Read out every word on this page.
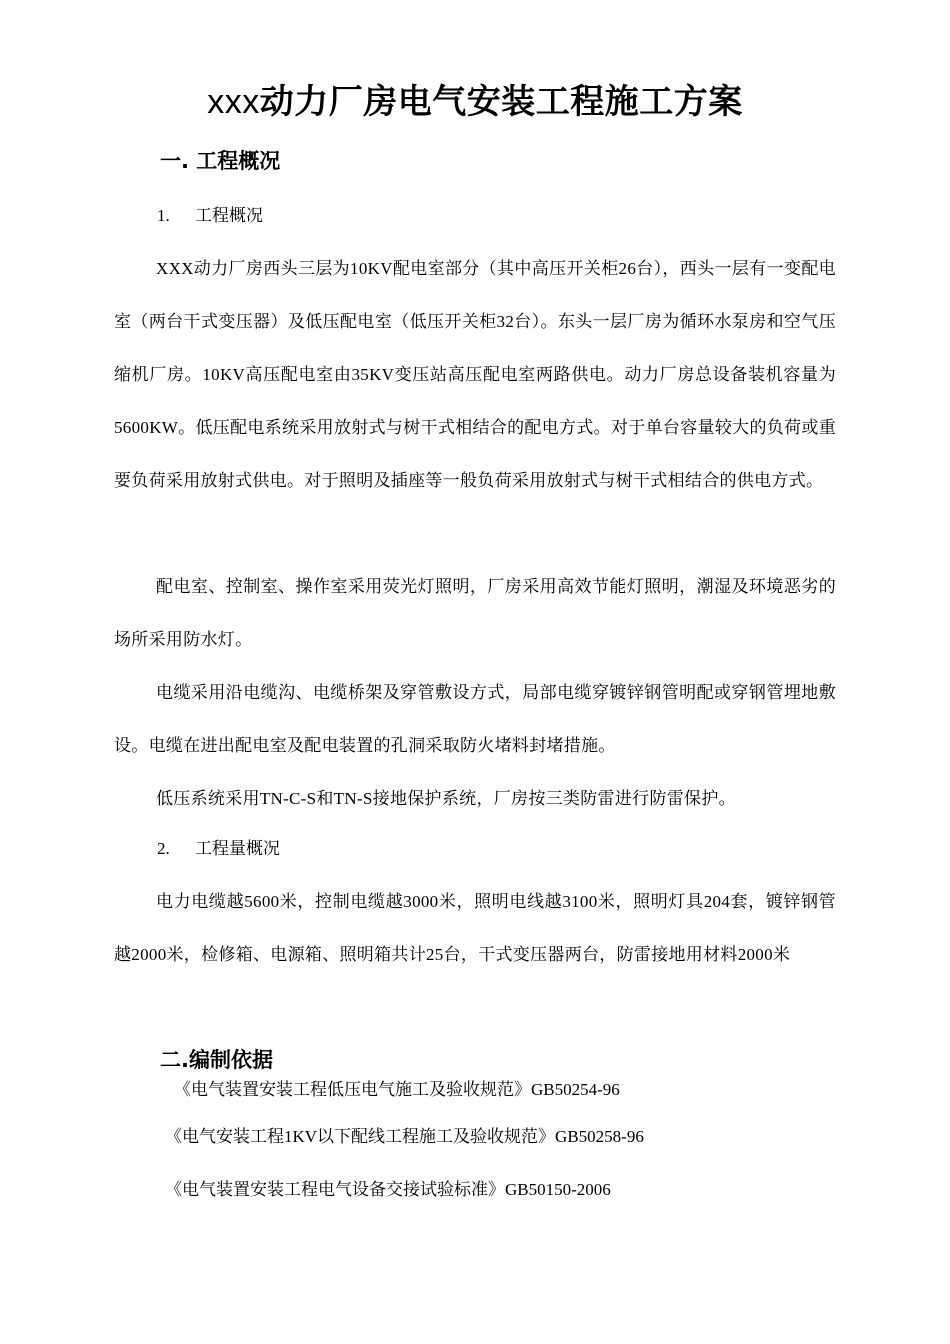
xxx动力厂房电气安装工程施工方案
一. 工程概况
1. 工程概况

XXX动力厂房西头三层为10KV配电室部分（其中高压开关柜26台），西头一层有一变配电室（两台干式变压器）及低压配电室（低压开关柜32台）。东头一层厂房为循环水泵房和空气压缩机厂房。10KV高压配电室由35KV变压站高压配电室两路供电。动力厂房总设备装机容量为5600KW。低压配电系统采用放射式与树干式相结合的配电方式。对于单台容量较大的负荷或重要负荷采用放射式供电。对于照明及插座等一般负荷采用放射式与树干式相结合的供电方式。

配电室、控制室、操作室采用荧光灯照明，厂房采用高效节能灯照明，潮湿及环境恶劣的场所采用防水灯。

电缆采用沿电缆沟、电缆桥架及穿管敷设方式，局部电缆穿镀锌钢管明配或穿钢管埋地敷设。电缆在进出配电室及配电装置的孔洞采取防火堵料封堵措施。

低压系统采用TN-C-S和TN-S接地保护系统，厂房按三类防雷进行防雷保护。

2. 工程量概况

电力电缆越5600米，控制电缆越3000米，照明电线越3100米，照明灯具204套，镀锌钢管越2000米，检修箱、电源箱、照明箱共计25台，干式变压器两台，防雷接地用材料2000米

二.编制依据

《电气装置安装工程低压电气施工及验收规范》GB50254-96

《电气安装工程1KV以下配线工程施工及验收规范》GB50258-96

《电气装置安装工程电气设备交接试验标准》GB50150-2006
